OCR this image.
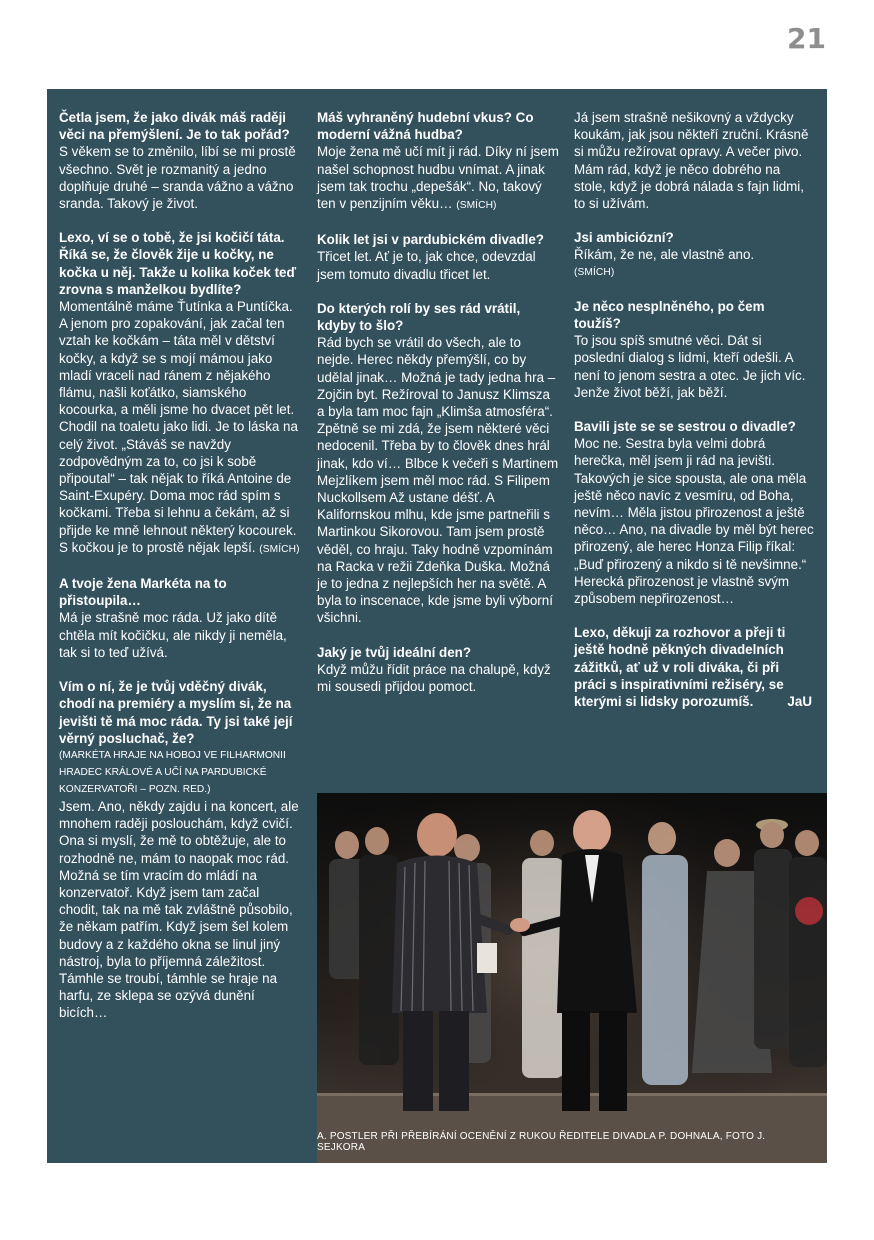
21
Četla jsem, že jako divák máš raději věci na přemýšlení. Je to tak pořád?
S věkem se to změnilo, líbí se mi prostě všechno. Svět je rozmanitý a jedno doplňuje druhé – sranda vážno a vážno sranda. Takový je život.
Lexo, ví se o tobě, že jsi kočičí táta. Říká se, že člověk žije u kočky, ne kočka u něj. Takže u kolika koček teď zrovna s manželkou bydlíte?
Momentálně máme Ťutínka a Puntíčka. A jenom pro zopakování, jak začal ten vztah ke kočkám – táta měl v dětství kočky, a když se s mojí mámou jako mladí vraceli nad ránem z nějakého flámu, našli koťátko, siamského kocourka, a měli jsme ho dvacet pět let. Chodil na toaletu jako lidi. Je to láska na celý život. „Stáváš se navždy zodpovědným za to, co jsi k sobě připoutal“ – tak nějak to říká Antoine de Saint-Exupéry. Doma moc rád spím s kočkami. Třeba si lehnu a čekám, až si přijde ke mně lehnout některý kocourek. S kočkou je to prostě nějak lepší. (SMÍCH)
A tvoje žena Markéta na to přistoupila…
Má je strašně moc ráda. Už jako dítě chtěla mít kočičku, ale nikdy ji neměla, tak si to teď užívá.
Vím o ní, že je tvůj vděčný divák, chodí na premiéry a myslím si, že na jevišti tě má moc ráda. Ty jsi také její věrný posluchač, že?
(MARKÉTA HRAJE NA HOBOJ VE FILHARMONII HRADEC KRÁLOVÉ A UČÍ NA PARDUBICKÉ KONZERVATOŘI – POZN. RED.)
Jsem. Ano, někdy zajdu i na koncert, ale mnohem raději poslouchám, když cvičí. Ona si myslí, že mě to obtěžuje, ale to rozhodně ne, mám to naopak moc rád. Možná se tím vracím do mládí na konzervatoř. Když jsem tam začal chodit, tak na mě tak zvláštně působilo, že někam patřím. Když jsem šel kolem budovy a z každého okna se linul jiný nástroj, byla to příjemná záležitost. Támhle se troubí, támhle se hraje na harfu, ze sklepa se ozývá dunění bicích…
Máš vyhraněný hudební vkus? Co moderní vážná hudba?
Moje žena mě učí mít ji rád. Díky ní jsem našel schopnost hudbu vnímat. A jinak jsem tak trochu „depešák“. No, takový ten v penzijním věku… (SMÍCH)
Kolik let jsi v pardubickém divadle?
Třicet let. Ať je to, jak chce, odevzdal jsem tomuto divadlu třicet let.
Do kterých rolí by ses rád vrátil, kdyby to šlo?
Rád bych se vrátil do všech, ale to nejde. Herec někdy přemýšlí, co by udělal jinak… Možná je tady jedna hra – Zojčin byt. Režíroval to Janusz Klimsza a byla tam moc fajn „Klimša atmosféra“. Zpětně se mi zdá, že jsem některé věci nedocenil. Třeba by to člověk dnes hrál jinak, kdo ví… Blbce k večeři s Martinem Mejzlíkem jsem měl moc rád. S Filipem Nuckollsem Až ustane déšť. A Kalifornskou mlhu, kde jsme partneřili s Martinkou Sikorovou. Tam jsem prostě věděl, co hraju. Taky hodně vzpomínám na Racka v režii Zdeňka Duška. Možná je to jedna z nejlepších her na světě. A byla to inscenace, kde jsme byli výborní všichni.
Jaký je tvůj ideální den?
Když můžu řídit práce na chalupě, když mi sousedi přijdou pomoct.
Já jsem strašně nešikovný a vždycky koukám, jak jsou někteří zruční. Krásně si můžu režírovat opravy. A večer pivo. Mám rád, když je něco dobrého na stole, když je dobrá nálada s fajn lidmi, to si užívám.
Jsi ambiciózní?
Říkám, že ne, ale vlastně ano.
(SMÍCH)
Je něco nesplněného, po čem toužíš?
To jsou spíš smutné věci. Dát si poslední dialog s lidmi, kteří odešli. A není to jenom sestra a otec. Je jich víc. Jenže život běží, jak běží.
Bavili jste se se sestrou o divadle?
Moc ne. Sestra byla velmi dobrá herečka, měl jsem ji rád na jevišti. Takových je sice spousta, ale ona měla ještě něco navíc z vesmíru, od Boha, nevím… Měla jistou přirozenost a ještě něco… Ano, na divadle by měl být herec přirozený, ale herec Honza Filip říkal: „Buď přirozený a nikdo si tě nevšimne.“ Herecká přirozenost je vlastně svým způsobem nepřirozenost…
Lexo, děkuji za rozhovor a přeji ti ještě hodně pěkných divadelních zážitků, ať už v roli diváka, či při práci s inspirativními režiséry, se kterými si lidsky porozumíš.	JaU
A. POSTLER PŘI PŘEBÍRÁNÍ OCENĚNÍ Z RUKOU ŘEDITELE DIVADLA P. DOHNALA, FOTO J. SEJKORA
